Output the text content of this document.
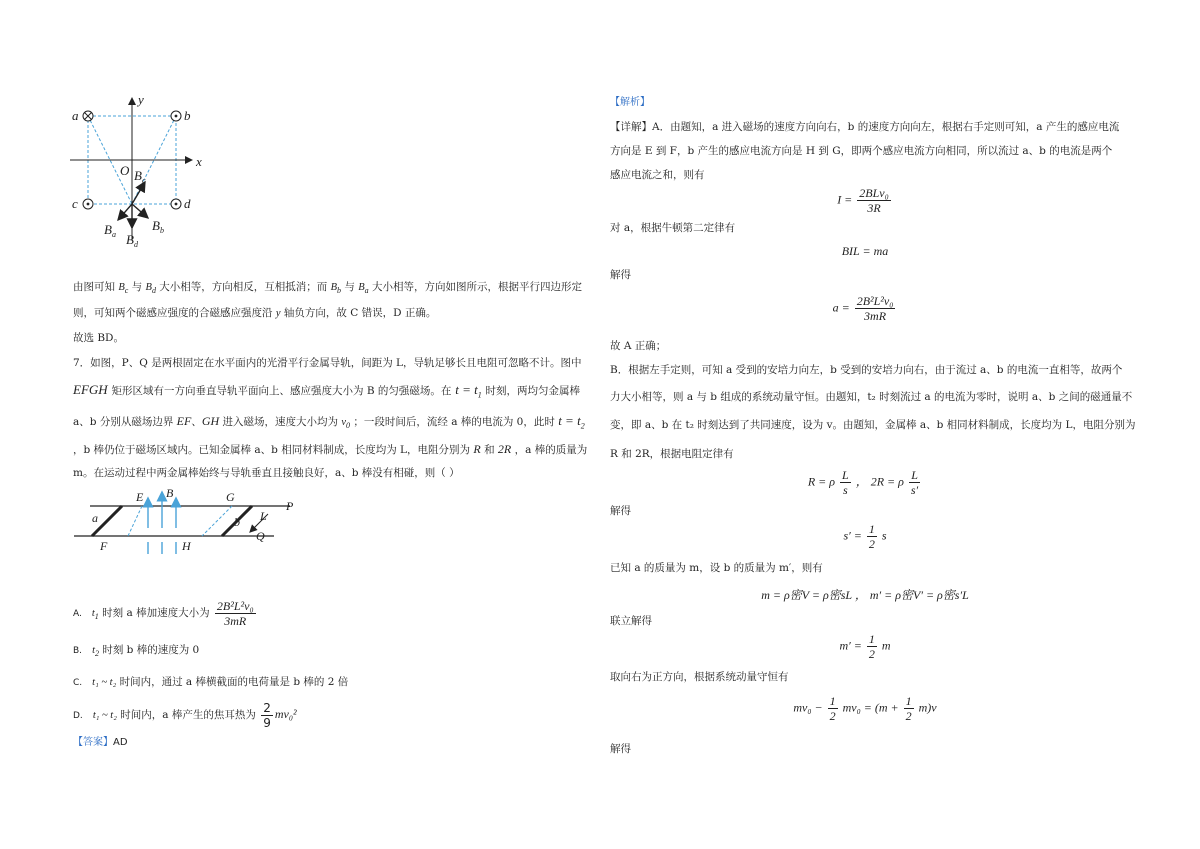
y
x
a	b
c	d
O $B_c$
$B_a$
$B_b$
$B_d$
由图可知 $B_c$ 与 $B_d$ 大小相等，方向相反，互相抵消；而 $B_b$ 与 $B_a$ 大小相等，方向如图所示，根据平行四边形定
则，可知两个磁感应强度的合磁感应强度沿 y 轴负方向，故 C 错误，D 正确。
故选 BD。
7．如图，P、Q 是两根固定在水平面内的光滑平行金属导轨，间距为 L，导轨足够长且电阻可忽略不计。图中
EFGH 矩形区域有一方向垂直导轨平面向上、感应强度大小为 B 的匀强磁场。在 $t = t_1$ 时刻，两均匀金属棒
a、b 分别从磁场边界 EF、GH 进入磁场，速度大小均为 $v_0$ ；一段时间后，流经 a 棒的电流为 0，此时 $t = t_2$
，b 棒仍位于磁场区域内。已知金属棒 a、b 相同材料制成，长度均为 L，电阻分别为 R 和 2R ，a 棒的质量为
m。在运动过程中两金属棒始终与导轨垂直且接触良好，a、b 棒没有相碰，则（ ）
E B	G
P
a	b L
F	H
Q
A. $t_1$ 时刻 a 棒加速度大小为 $\frac{\text{2B²L²v₀}}{3mR}$
B. $t_2$ 时刻 b 棒的速度为 0
C. t₁ ~ t₂ 时间内，通过 a 棒横截面的电荷量是 b 棒的 2 倍
D. t₁ ~ t₂ 时间内，a 棒产生的焦耳热为 $\frac{2}{9} mv_0^2$
【答案】AD
【解析】
【详解】A．由题知，a 进入磁场的速度方向向右，b 的速度方向向左，根据右手定则可知，a 产生的感应电流
方向是 E 到 F，b 产生的感应电流方向是 H 到 G，即两个感应电流方向相同，所以流过 a、b 的电流是两个
感应电流之和，则有
$I = \frac{\text{2BLv₀}}{3R}$
对 a，根据牛顿第二定律有
BIL = ma
解得
$a = \frac{\text{2B²L²v₀}}{3mR}$
故 A 正确；
B．根据左手定则，可知 a 受到的安培力向左，b 受到的安培力向右，由于流过 a、b 的电流一直相等，故两个
力大小相等，则 a 与 b 组成的系统动量守恒。由题知，t₂ 时刻流过 a 的电流为零时，说明 a、b 之间的磁通量不
变，即 a、b 在 t₂ 时刻达到了共同速度，设为 v。由题知，金属棒 a、b 相同材料制成，长度均为 L，电阻分别为
R 和 2R，根据电阻定律有
R = ρ $\frac{L}{s}$ ， 2R = ρ $\frac{L}{s'}$
解得
$s' = \frac{1}{2}$ s
已知 a 的质量为 m，设 b 的质量为 m′，则有
m = ρ密V = ρ密sL ， m′ = ρ密V′ = ρ密s′L
联立解得
$m' = \frac{1}{2}$ m
取向右为正方向，根据系统动量守恒有
$mv_0 - \frac{1}{2} mv_0 = (m + \frac{1}{2} m)v$
解得
